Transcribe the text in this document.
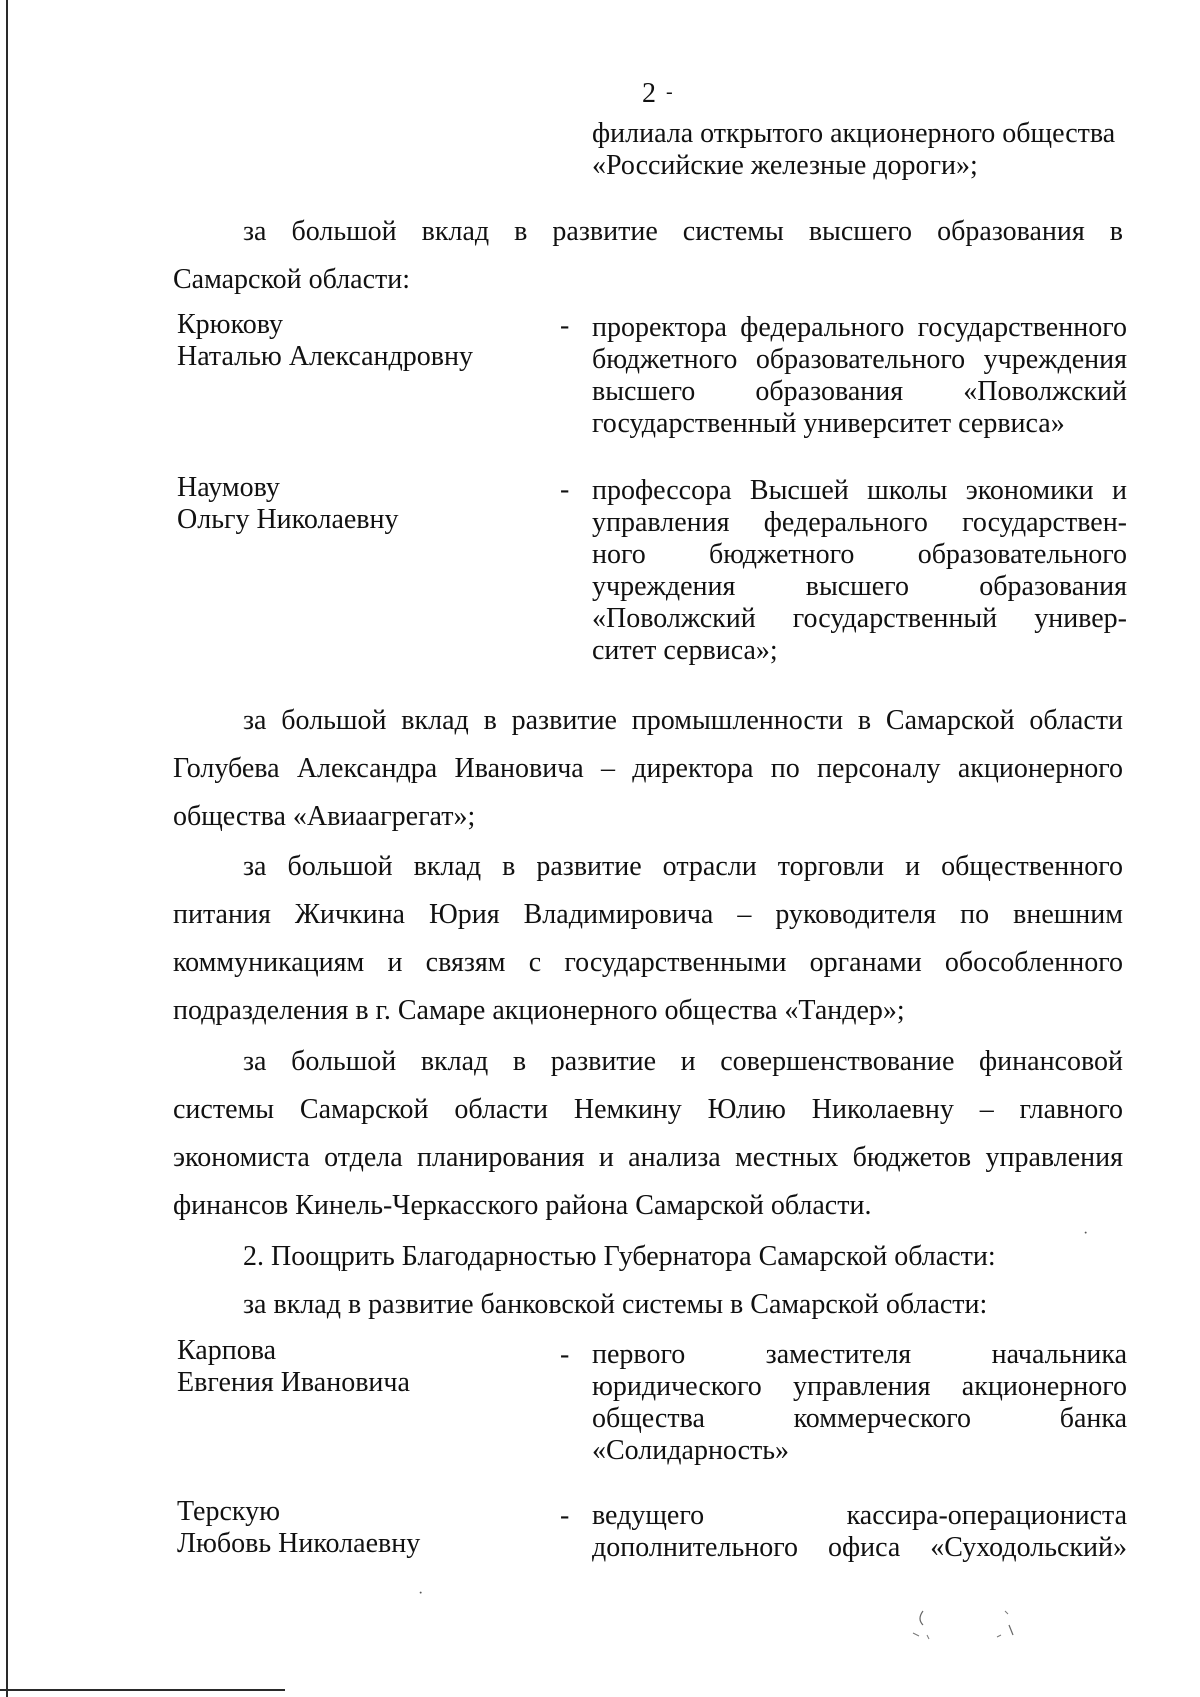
2 -
филиала открытого акционерного общества
«Российские железные дороги»;
за большой вклад в развитие системы высшего образования в
Самарской области:
Крюкову
Наталью Александровну
- проректора федерального государственного
бюджетного образовательного учреждения
высшего образования «Поволжский
государственный университет сервиса»
Наумову
Ольгу Николаевну
- профессора Высшей школы экономики и
управления федерального государствен-
ного бюджетного образовательного
учреждения высшего образования
«Поволжский государственный универ-
ситет сервиса»;
за большой вклад в развитие промышленности в Самарской области
Голубева Александра Ивановича – директора по персоналу акционерного
общества «Авиаагрегат»;
за большой вклад в развитие отрасли торговли и общественного
питания Жичкина Юрия Владимировича – руководителя по внешним
коммуникациям и связям с государственными органами обособленного
подразделения в г. Самаре акционерного общества «Тандер»;
за большой вклад в развитие и совершенствование финансовой
системы Самарской области Немкину Юлию Николаевну – главного
экономиста отдела планирования и анализа местных бюджетов управления
финансов Кинель-Черкасского района Самарской области.
2. Поощрить Благодарностью Губернатора Самарской области:
за вклад в развитие банковской системы в Самарской области:
Карпова
Евгения Ивановича
- первого заместителя начальника
юридического управления акционерного
общества коммерческого банка
«Солидарность»
Терскую
Любовь Николаевну
- ведущего кассира-операциониста
дополнительного офиса «Суходольский»
·
·
